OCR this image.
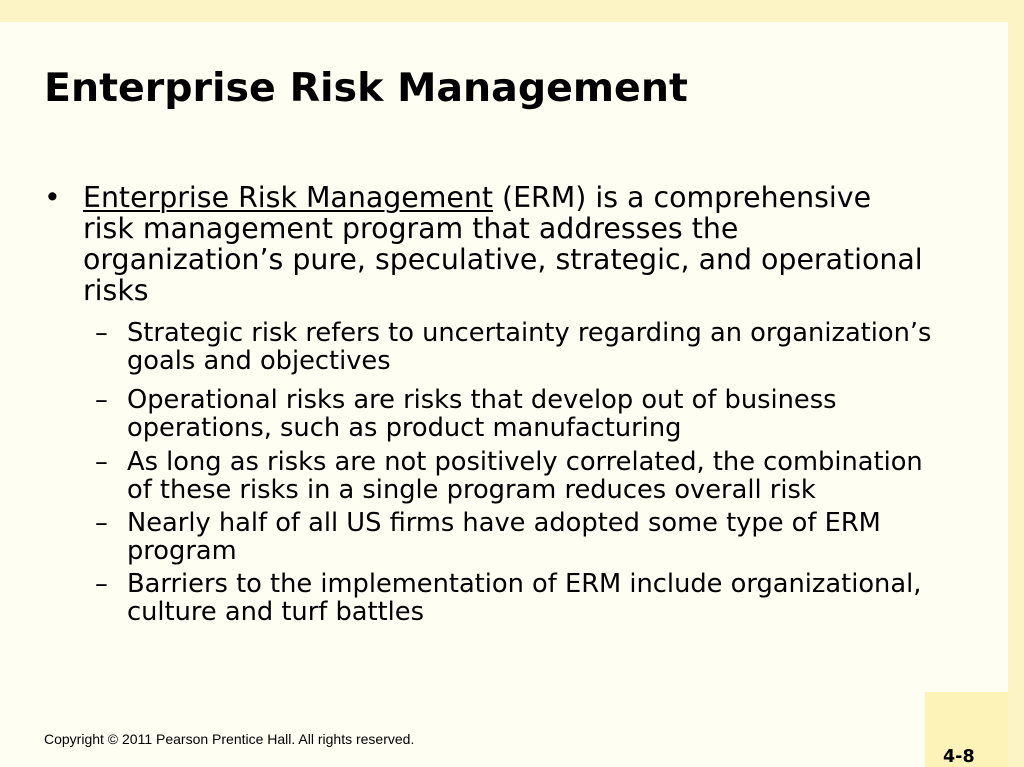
Enterprise Risk Management
• Enterprise Risk Management (ERM) is a comprehensive
risk management program that addresses the
organization’s pure, speculative, strategic, and operational
risks
– Strategic risk refers to uncertainty regarding an organization’s
goals and objectives
– Operational risks are risks that develop out of business
operations, such as product manufacturing
– As long as risks are not positively correlated, the combination
of these risks in a single program reduces overall risk
– Nearly half of all US firms have adopted some type of ERM
program
– Barriers to the implementation of ERM include organizational,
culture and turf battles
Copyright © 2011 Pearson Prentice Hall. All rights reserved.
4-8
